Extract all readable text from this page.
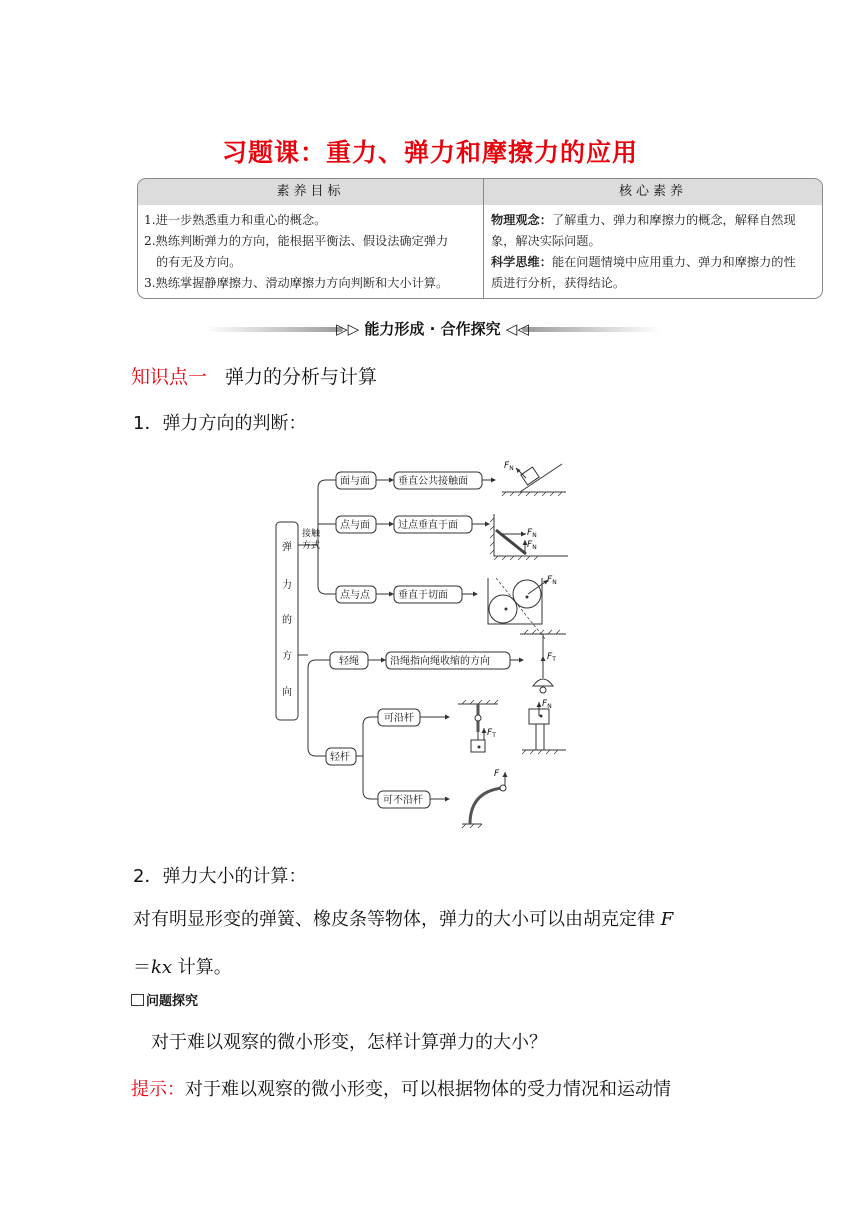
习题课：重力、弹力和摩擦力的应用
素养目标	核心素养

1.进一步熟悉重力和重心的概念。

2.熟练判断弹力的方向，能根据平衡法、假设法确定弹力

的有无及方向。

3.熟练掌握静摩擦力、滑动摩擦力方向判断和大小计算。

物理观念：了解重力、弹力和摩擦力的概念，解释自然现

象，解决实际问题。

科学思维：能在问题情境中应用重力、弹力和摩擦力的性

质进行分析，获得结论。

▷▷ 能力形成 · 合作探究 ◁◁
知识点一 弹力的分析与计算
1．弹力方向的判断：
弹
力
的
方
向
接触
方式
面与面
点与面
点与点
轻绳
轻杆
可沿杆
可不沿杆
垂直公共接触面
过点垂直于面
垂直于切面
沿绳指向绳收缩的方向
$F_N$
$F_N$
$F_N$
$F_N$
$F_T$
$F_T$
$F_N$
F
2．弹力大小的计算：
对有明显形变的弹簧、橡皮条等物体，弹力的大小可以由胡克定律 F
＝kx 计算。
问题探究
对于难以观察的微小形变，怎样计算弹力的大小？
提示：对于难以观察的微小形变，可以根据物体的受力情况和运动情
